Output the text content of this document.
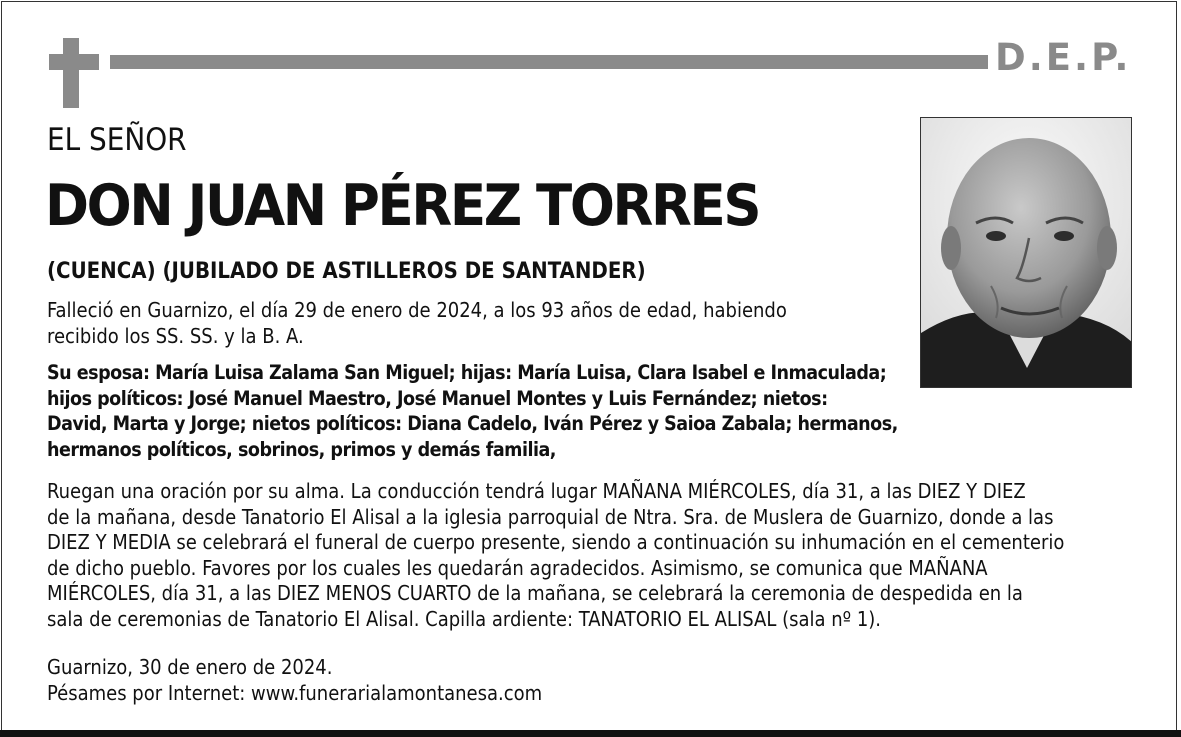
D.E.P.
EL SEÑOR
DON JUAN PÉREZ TORRES
(CUENCA) (JUBILADO DE ASTILLEROS DE SANTANDER)
Falleció en Guarnizo, el día 29 de enero de 2024, a los 93 años de edad, habiendo
recibido los SS. SS. y la B. A.
Su esposa: María Luisa Zalama San Miguel; hijas: María Luisa, Clara Isabel e Inmaculada;
hijos políticos: José Manuel Maestro, José Manuel Montes y Luis Fernández; nietos:
David, Marta y Jorge; nietos políticos: Diana Cadelo, Iván Pérez y Saioa Zabala; hermanos,
hermanos políticos, sobrinos, primos y demás familia,
Ruegan una oración por su alma. La conducción tendrá lugar MAÑANA MIÉRCOLES, día 31, a las DIEZ Y DIEZ
de la mañana, desde Tanatorio El Alisal a la iglesia parroquial de Ntra. Sra. de Muslera de Guarnizo, donde a las
DIEZ Y MEDIA se celebrará el funeral de cuerpo presente, siendo a continuación su inhumación en el cementerio
de dicho pueblo. Favores por los cuales les quedarán agradecidos. Asimismo, se comunica que MAÑANA
MIÉRCOLES, día 31, a las DIEZ MENOS CUARTO de la mañana, se celebrará la ceremonia de despedida en la
sala de ceremonias de Tanatorio El Alisal. Capilla ardiente: TANATORIO EL ALISAL (sala nº 1).
Guarnizo, 30 de enero de 2024.
Pésames por Internet: www.funerarialamontanesa.com
